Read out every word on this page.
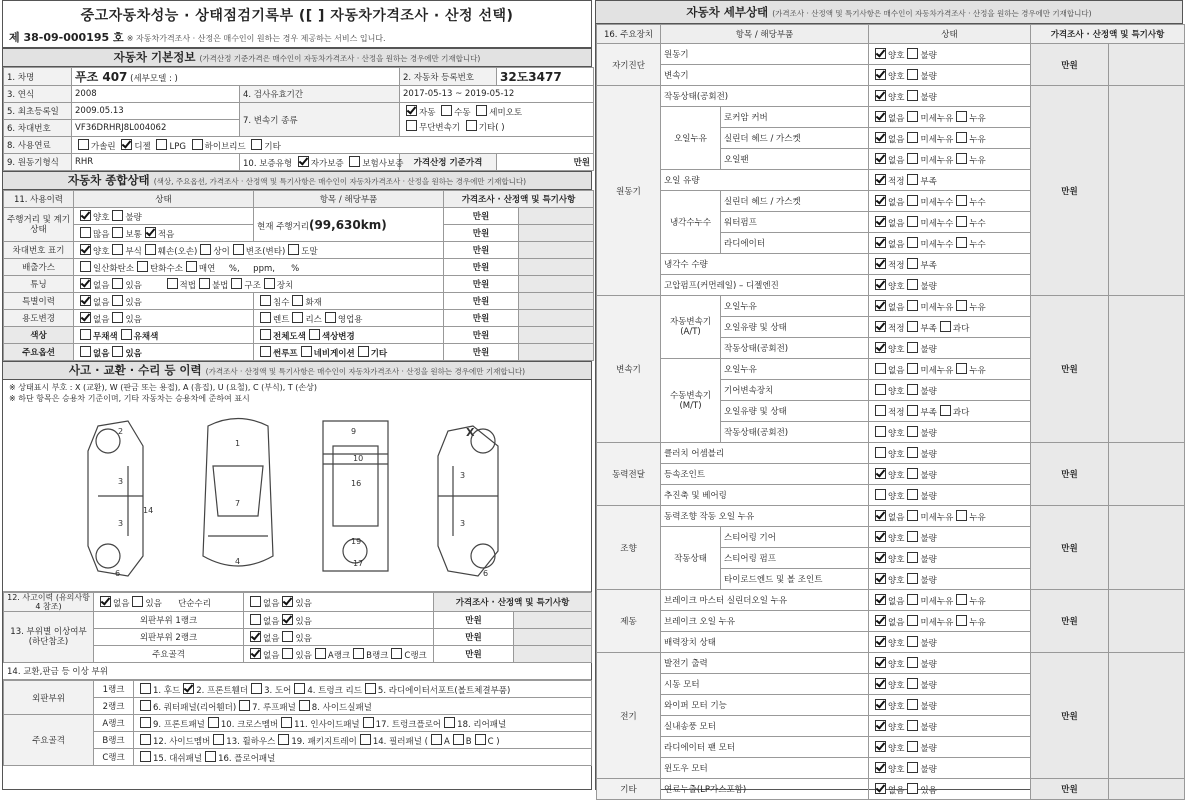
중고자동차성능 · 상태점검기록부 ([ ] 자동차가격조사 · 산정 선택)
제 38-09-000195 호 ※ 자동차가격조사 · 산정은 매수인이 원하는 경우 제공하는 서비스 입니다.
자동차 기본정보 (가격산정 기준가격은 매수인이 자동차가격조사 · 산정을 원하는 경우에만 기재합니다)
1. 차명	푸조 407 (세부모델 : )		2. 자동차 등록번호	32도3477
3. 연식	2008	4. 검사유효기간	2017-05-13 ~ 2019-05-12	
5. 최초등록일	2009.05.13	7. 변속기 종류	자동 수동 세미오토
무단변속기 기타( )	
6. 차대번호	VF36DRHRJ8L004062			
8. 사용연료	가솔린 디젤 LPG 하이브리드 기타			
9. 원동기형식	RHR	10. 보증유형 자가보증 보험사보증	가격산정 기준가격	만원
자동차 종합상태 (색상, 주요옵션, 가격조사 · 산정액 및 특기사항은 매수인이 자동차가격조사 · 산정을 원하는 경우에만 기재합니다)
11. 사용이력	상태	항목 / 해당부품	가격조사 · 산정액 및 특기사항	
주행거리 및 계기상태	양호 불량	현재 주행거리(99,630km)	만원	
	많음 보통 적음		만원	
차대번호 표기	양호 부식 훼손(오손) 상이 변조(변타) 도말		만원	
배출가스	일산화탄소 탄화수소 매연 %, ppm, %		만원	
튜닝	없음 있음 적법 불법 구조 장치		만원	
특별이력	없음 있음	침수 화재	만원	
용도변경	없음 있음	렌트 리스 영업용	만원	
색상	무채색 유채색	전체도색 색상변경	만원	
주요옵션	없음 있음	썬루프 네비게이션 기타	만원	
사고 · 교환 · 수리 등 이력 (가격조사 · 산정액 및 특기사항은 매수인이 자동차가격조사 · 산정을 원하는 경우에만 기재합니다)
※ 상태표시 부호 : X (교환), W (판금 또는 용접), A (흠집), U (요철), C (부식), T (손상)
※ 하단 항목은 승용차 기준이며, 기타 자동차는 승용차에 준하여 표시
2
3
3
14
6
1
7
4
9
10
16
17
19
3
3
6
X
12. 사고이력 (유의사항 4 참조)	없음 있음 단순수리	없음 있음	가격조사 · 산정액 및 특기사항	
13. 부위별 이상여부 (하단참조)	외판부위 1랭크	없음 있음	만원	
	외판부위 2랭크	없음 있음	만원	
	주요골격	없음 있음 A랭크 B랭크 C랭크	만원	
14. 교환,판금 등 이상 부위
외판부위	1랭크	1. 후드 2. 프론트휀더 3. 도어 4. 트렁크 리드 5. 라디에이터서포트(볼트체결부품)
	2랭크	6. 쿼터패널(리어휀더) 7. 루프패널 8. 사이드실패널
주요골격	A랭크	9. 프론트패널 10. 크로스멤버 11. 인사이드패널 17. 트렁크플로어 18. 리어패널
	B랭크	12. 사이드멤버 13. 휠하우스 19. 패키지트레이 14. 필러패널 ( A B C )
	C랭크	15. 대쉬패널 16. 플로어패널
자동차 세부상태 (가격조사 · 산정액 및 특기사항은 매수인이 자동차가격조사 · 산정을 원하는 경우에만 기재합니다)
16. 주요장치	항목 / 해당부품		상태	가격조사 · 산정액 및 특기사항	
자기진단	원동기		양호 불량	만원	
	변속기		양호 불량		
원동기	작동상태(공회전)		양호 불량	만원	
	오일누유	로커암 커버	없음 미세누유 누유		
		실린더 헤드 / 가스켓	없음 미세누유 누유		
		오일팬	없음 미세누유 누유		
	오일 유량		적정 부족		
	냉각수누수	실린더 헤드 / 가스켓	없음 미세누수 누수		
		워터펌프	없음 미세누수 누수		
		라디에이터	없음 미세누수 누수		
	냉각수 수량		적정 부족		
	고압펌프(커먼레일) – 디젤엔진		양호 불량		
변속기	자동변속기 (A/T)	오일누유	없음 미세누유 누유	만원	
		오일유량 및 상태	적정 부족 과다		
		작동상태(공회전)	양호 불량		
	수동변속기 (M/T)	오일누유	없음 미세누유 누유		
		기어변속장치	양호 불량		
		오일유량 및 상태	적정 부족 과다		
		작동상태(공회전)	양호 불량		
동력전달	클러치 어셈블리		양호 불량	만원	
	등속조인트		양호 불량		
	추진축 및 베어링		양호 불량		
조향	동력조향 작동 오일 누유		없음 미세누유 누유	만원	
	작동상태	스티어링 기어	양호 불량		
		스티어링 펌프	양호 불량		
		타이로드엔드 및 볼 조인트	양호 불량		
제동	브레이크 마스터 실린더오일 누유		없음 미세누유 누유	만원	
	브레이크 오일 누유		없음 미세누유 누유		
	배력장치 상태		양호 불량		
전기	발전기 출력		양호 불량	만원	
	시동 모터		양호 불량		
	와이퍼 모터 기능		양호 불량		
	실내송풍 모터		양호 불량		
	라디에이터 팬 모터		양호 불량		
	윈도우 모터		양호 불량		
기타	연료누출(LP가스포함)		없음 있음	만원	
